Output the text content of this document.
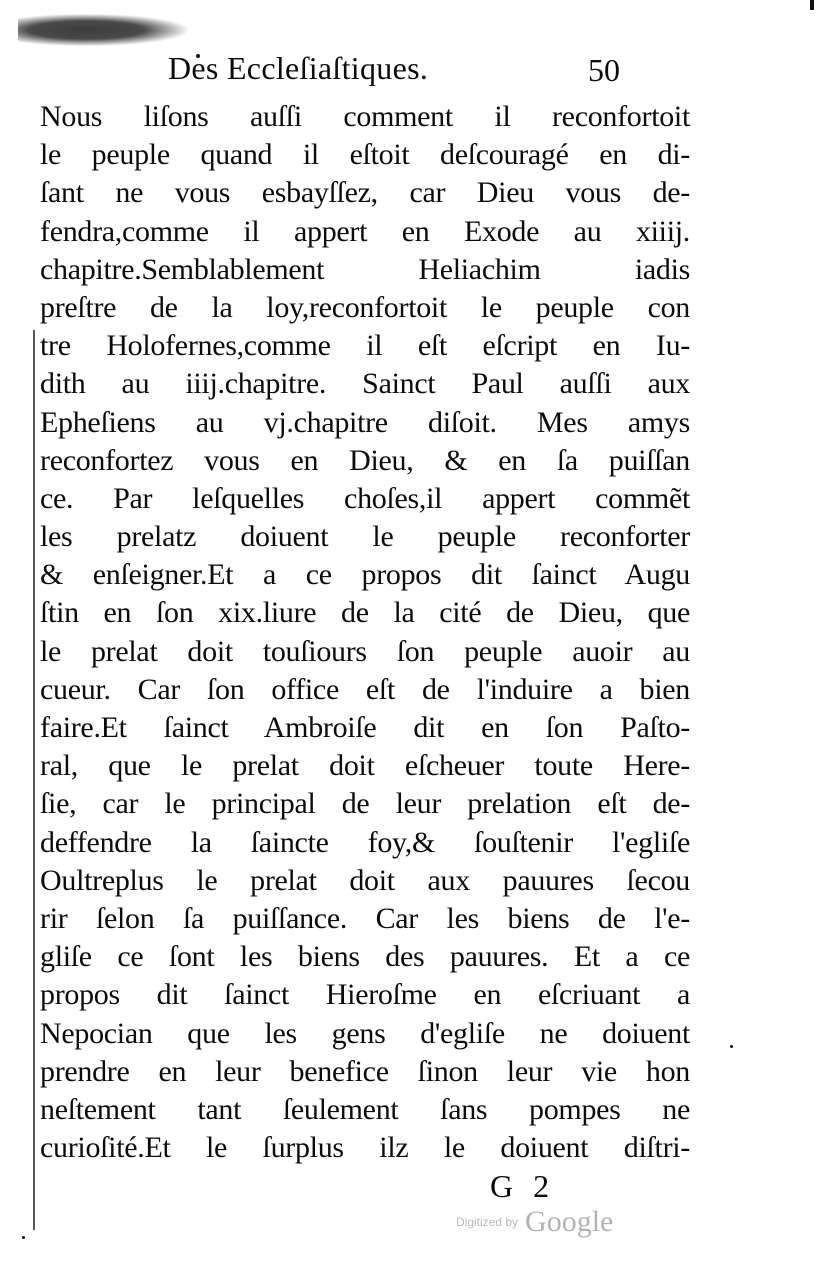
Des Eccleſiaſtiques.	50
Nous liſons auſſi comment il reconfortoit
le peuple quand il eſtoit deſcouragé en di-
ſant ne vous esbayſſez, car Dieu vous de-
fendra,comme il appert en Exode au xiiij.
chapitre.Semblablement Heliachim iadis
preſtre de la loy,reconfortoit le peuple con
tre Holofernes,comme il eſt eſcript en Iu-
dith au iiij.chapitre. Sainct Paul auſſi aux
Epheſiens au vj.chapitre diſoit. Mes amys
reconfortez vous en Dieu, & en ſa puiſſan
ce. Par leſquelles choſes,il appert commẽt
les prelatz doiuent le peuple reconforter
& enſeigner.Et a ce propos dit ſainct Augu
ſtin en ſon xix.liure de la cité de Dieu, que
le prelat doit touſiours ſon peuple auoir au
cueur. Car ſon office eſt de l'induire a bien
faire.Et ſainct Ambroiſe dit en ſon Paſto-
ral, que le prelat doit eſcheuer toute Here-
ſie, car le principal de leur prelation eſt de-
deffendre la ſaincte foy,& ſouſtenir l'egliſe
Oultreplus le prelat doit aux pauures ſecou
rir ſelon ſa puiſſance. Car les biens de l'e-
gliſe ce ſont les biens des pauures. Et a ce
propos dit ſainct Hieroſme en eſcriuant a
Nepocian que les gens d'egliſe ne doiuent
prendre en leur benefice ſinon leur vie hon
neſtement tant ſeulement ſans pompes ne
curioſité.Et le ſurplus ilz le doiuent diſtri-
G 2
Digitized by Google
